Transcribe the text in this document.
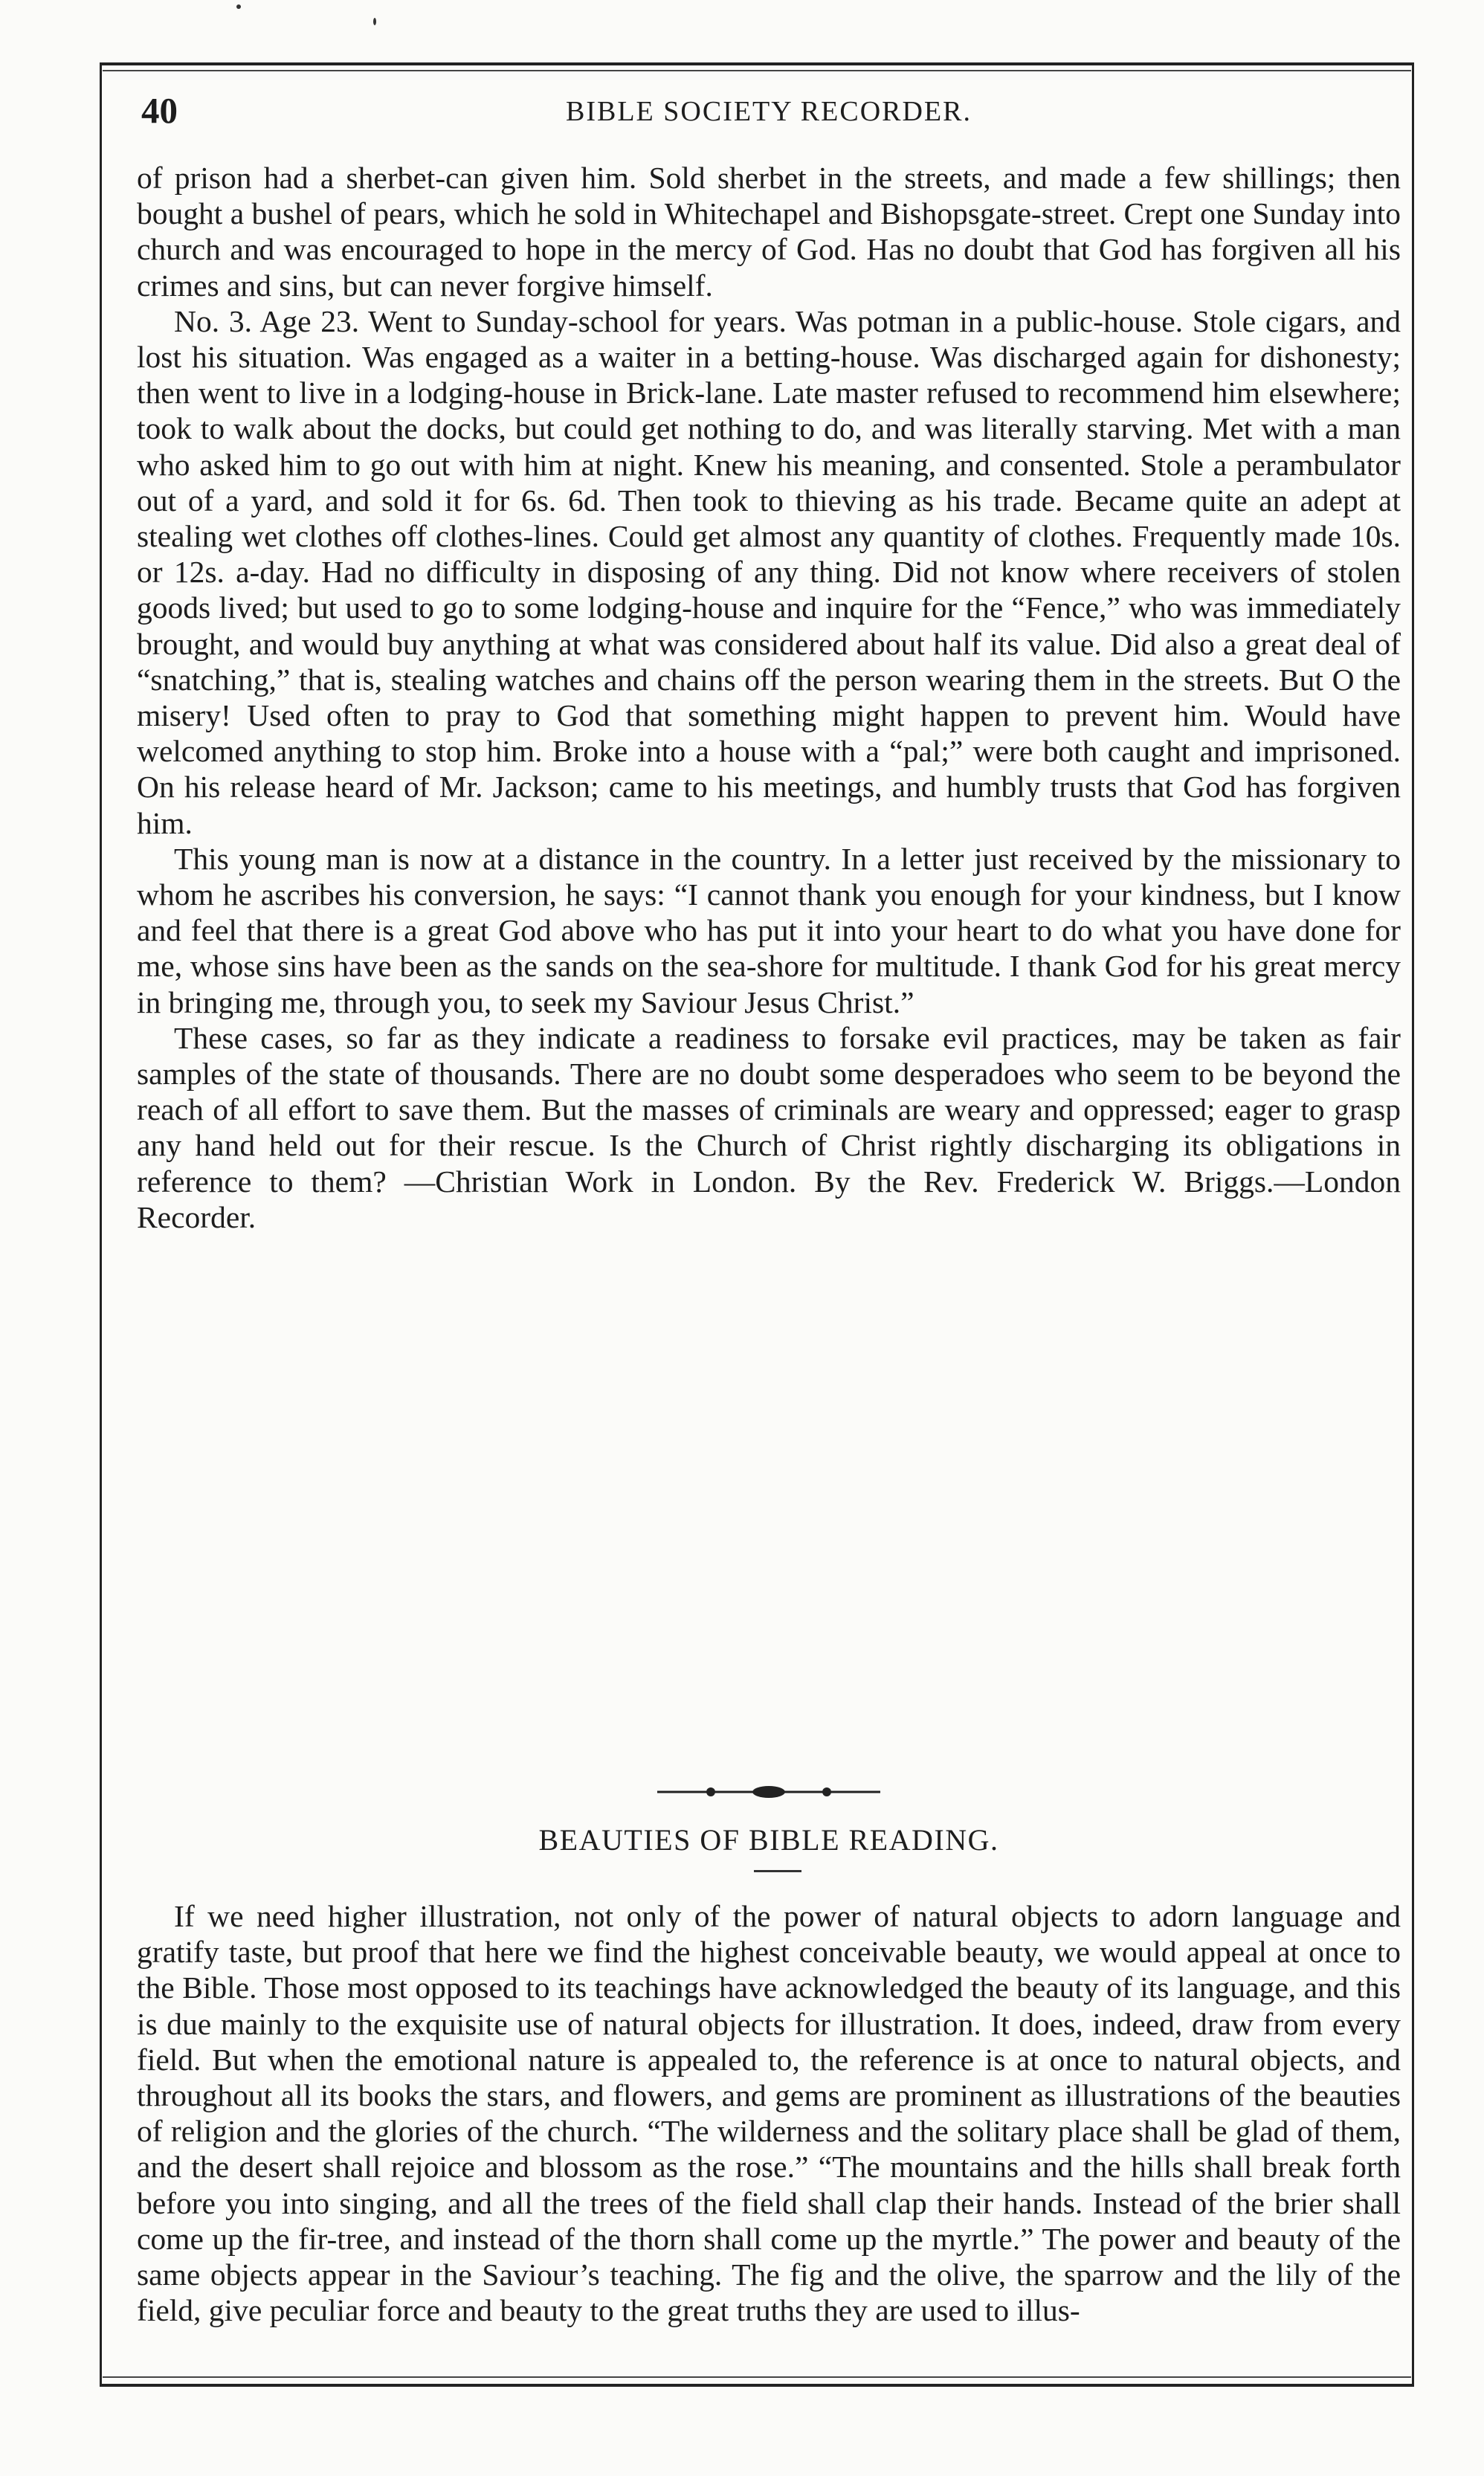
40	BIBLE SOCIETY RECORDER.

of prison had a sherbet-can given him. Sold sherbet in the streets, and made a few shillings; then bought a bushel of pears, which he sold in Whitechapel and Bishopsgate-street. Crept one Sunday into church and was encouraged to hope in the mercy of God. Has no doubt that God has forgiven all his crimes and sins, but can never forgive himself.

No. 3. Age 23. Went to Sunday-school for years. Was potman in a public-house. Stole cigars, and lost his situation. Was engaged as a waiter in a betting-house. Was discharged again for dishonesty; then went to live in a lodging-house in Brick-lane. Late master refused to recommend him elsewhere; took to walk about the docks, but could get nothing to do, and was literally starving. Met with a man who asked him to go out with him at night. Knew his meaning, and consented. Stole a perambulator out of a yard, and sold it for 6s. 6d. Then took to thieving as his trade. Became quite an adept at stealing wet clothes off clothes-lines. Could get almost any quantity of clothes. Frequently made 10s. or 12s. a-day. Had no difficulty in disposing of any thing. Did not know where receivers of stolen goods lived; but used to go to some lodging-house and inquire for the “Fence,” who was immediately brought, and would buy anything at what was considered about half its value. Did also a great deal of “snatching,” that is, stealing watches and chains off the person wearing them in the streets. But O the misery! Used often to pray to God that something might happen to prevent him. Would have welcomed anything to stop him. Broke into a house with a “pal;” were both caught and imprisoned. On his release heard of Mr. Jackson; came to his meetings, and humbly trusts that God has forgiven him.

This young man is now at a distance in the country. In a letter just received by the missionary to whom he ascribes his conversion, he says: “I cannot thank you enough for your kindness, but I know and feel that there is a great God above who has put it into your heart to do what you have done for me, whose sins have been as the sands on the sea-shore for multitude. I thank God for his great mercy in bringing me, through you, to seek my Saviour Jesus Christ.”

These cases, so far as they indicate a readiness to forsake evil practices, may be taken as fair samples of the state of thousands. There are no doubt some desperadoes who seem to be beyond the reach of all effort to save them. But the masses of criminals are weary and oppressed; eager to grasp any hand held out for their rescue. Is the Church of Christ rightly discharging its obligations in reference to them? —Christian Work in London. By the Rev. Frederick W. Briggs.—London Recorder.

BEAUTIES OF BIBLE READING.

If we need higher illustration, not only of the power of natural objects to adorn language and gratify taste, but proof that here we find the highest conceivable beauty, we would appeal at once to the Bible. Those most opposed to its teachings have acknowledged the beauty of its language, and this is due mainly to the exquisite use of natural objects for illustration. It does, indeed, draw from every field. But when the emotional nature is appealed to, the reference is at once to natural objects, and throughout all its books the stars, and flowers, and gems are prominent as illustrations of the beauties of religion and the glories of the church. “The wilderness and the solitary place shall be glad of them, and the desert shall rejoice and blossom as the rose.” “The mountains and the hills shall break forth before you into singing, and all the trees of the field shall clap their hands. Instead of the brier shall come up the fir-tree, and instead of the thorn shall come up the myrtle.” The power and beauty of the same objects appear in the Saviour’s teaching. The fig and the olive, the sparrow and the lily of the field, give peculiar force and beauty to the great truths they are used to illus-
